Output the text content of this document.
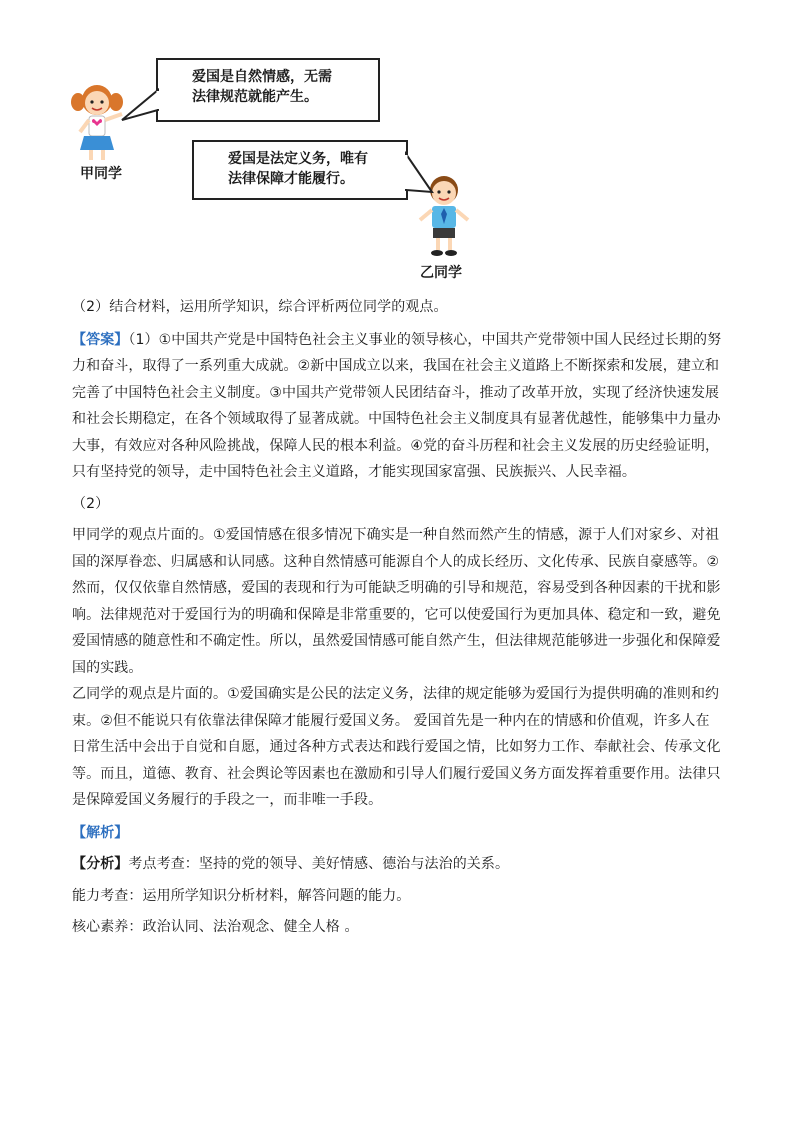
爱国是自然情感，无需
法律规范就能产生。
爱国是法定义务，唯有
法律保障才能履行。
甲同学
乙同学

（2）结合材料，运用所学知识，综合评析两位同学的观点。

【答案】（1）①中国共产党是中国特色社会主义事业的领导核心，中国共产党带领中国人民经过长期的努力和奋斗，取得了一系列重大成就。②新中国成立以来，我国在社会主义道路上不断探索和发展，建立和完善了中国特色社会主义制度。③中国共产党带领人民团结奋斗，推动了改革开放，实现了经济快速发展和社会长期稳定，在各个领域取得了显著成就。中国特色社会主义制度具有显著优越性，能够集中力量办大事，有效应对各种风险挑战，保障人民的根本利益。④党的奋斗历程和社会主义发展的历史经验证明，只有坚持党的领导，走中国特色社会主义道路，才能实现国家富强、民族振兴、人民幸福。

（2）

甲同学的观点片面的。①爱国情感在很多情况下确实是一种自然而然产生的情感，源于人们对家乡、对祖国的深厚眷恋、归属感和认同感。这种自然情感可能源自个人的成长经历、文化传承、民族自豪感等。②然而，仅仅依靠自然情感，爱国的表现和行为可能缺乏明确的引导和规范，容易受到各种因素的干扰和影响。法律规范对于爱国行为的明确和保障是非常重要的，它可以使爱国行为更加具体、稳定和一致，避免爱国情感的随意性和不确定性。所以，虽然爱国情感可能自然产生，但法律规范能够进一步强化和保障爱国的实践。

乙同学的观点是片面的。①爱国确实是公民的法定义务，法律的规定能够为爱国行为提供明确的准则和约束。②但不能说只有依靠法律保障才能履行爱国义务。 爱国首先是一种内在的情感和价值观，许多人在日常生活中会出于自觉和自愿，通过各种方式表达和践行爱国之情，比如努力工作、奉献社会、传承文化等。而且，道德、教育、社会舆论等因素也在激励和引导人们履行爱国义务方面发挥着重要作用。法律只是保障爱国义务履行的手段之一，而非唯一手段。

【解析】

【分析】考点考查：坚持的党的领导、美好情感、德治与法治的关系。

能力考查：运用所学知识分析材料，解答问题的能力。

核心素养：政治认同、法治观念、健全人格 。
